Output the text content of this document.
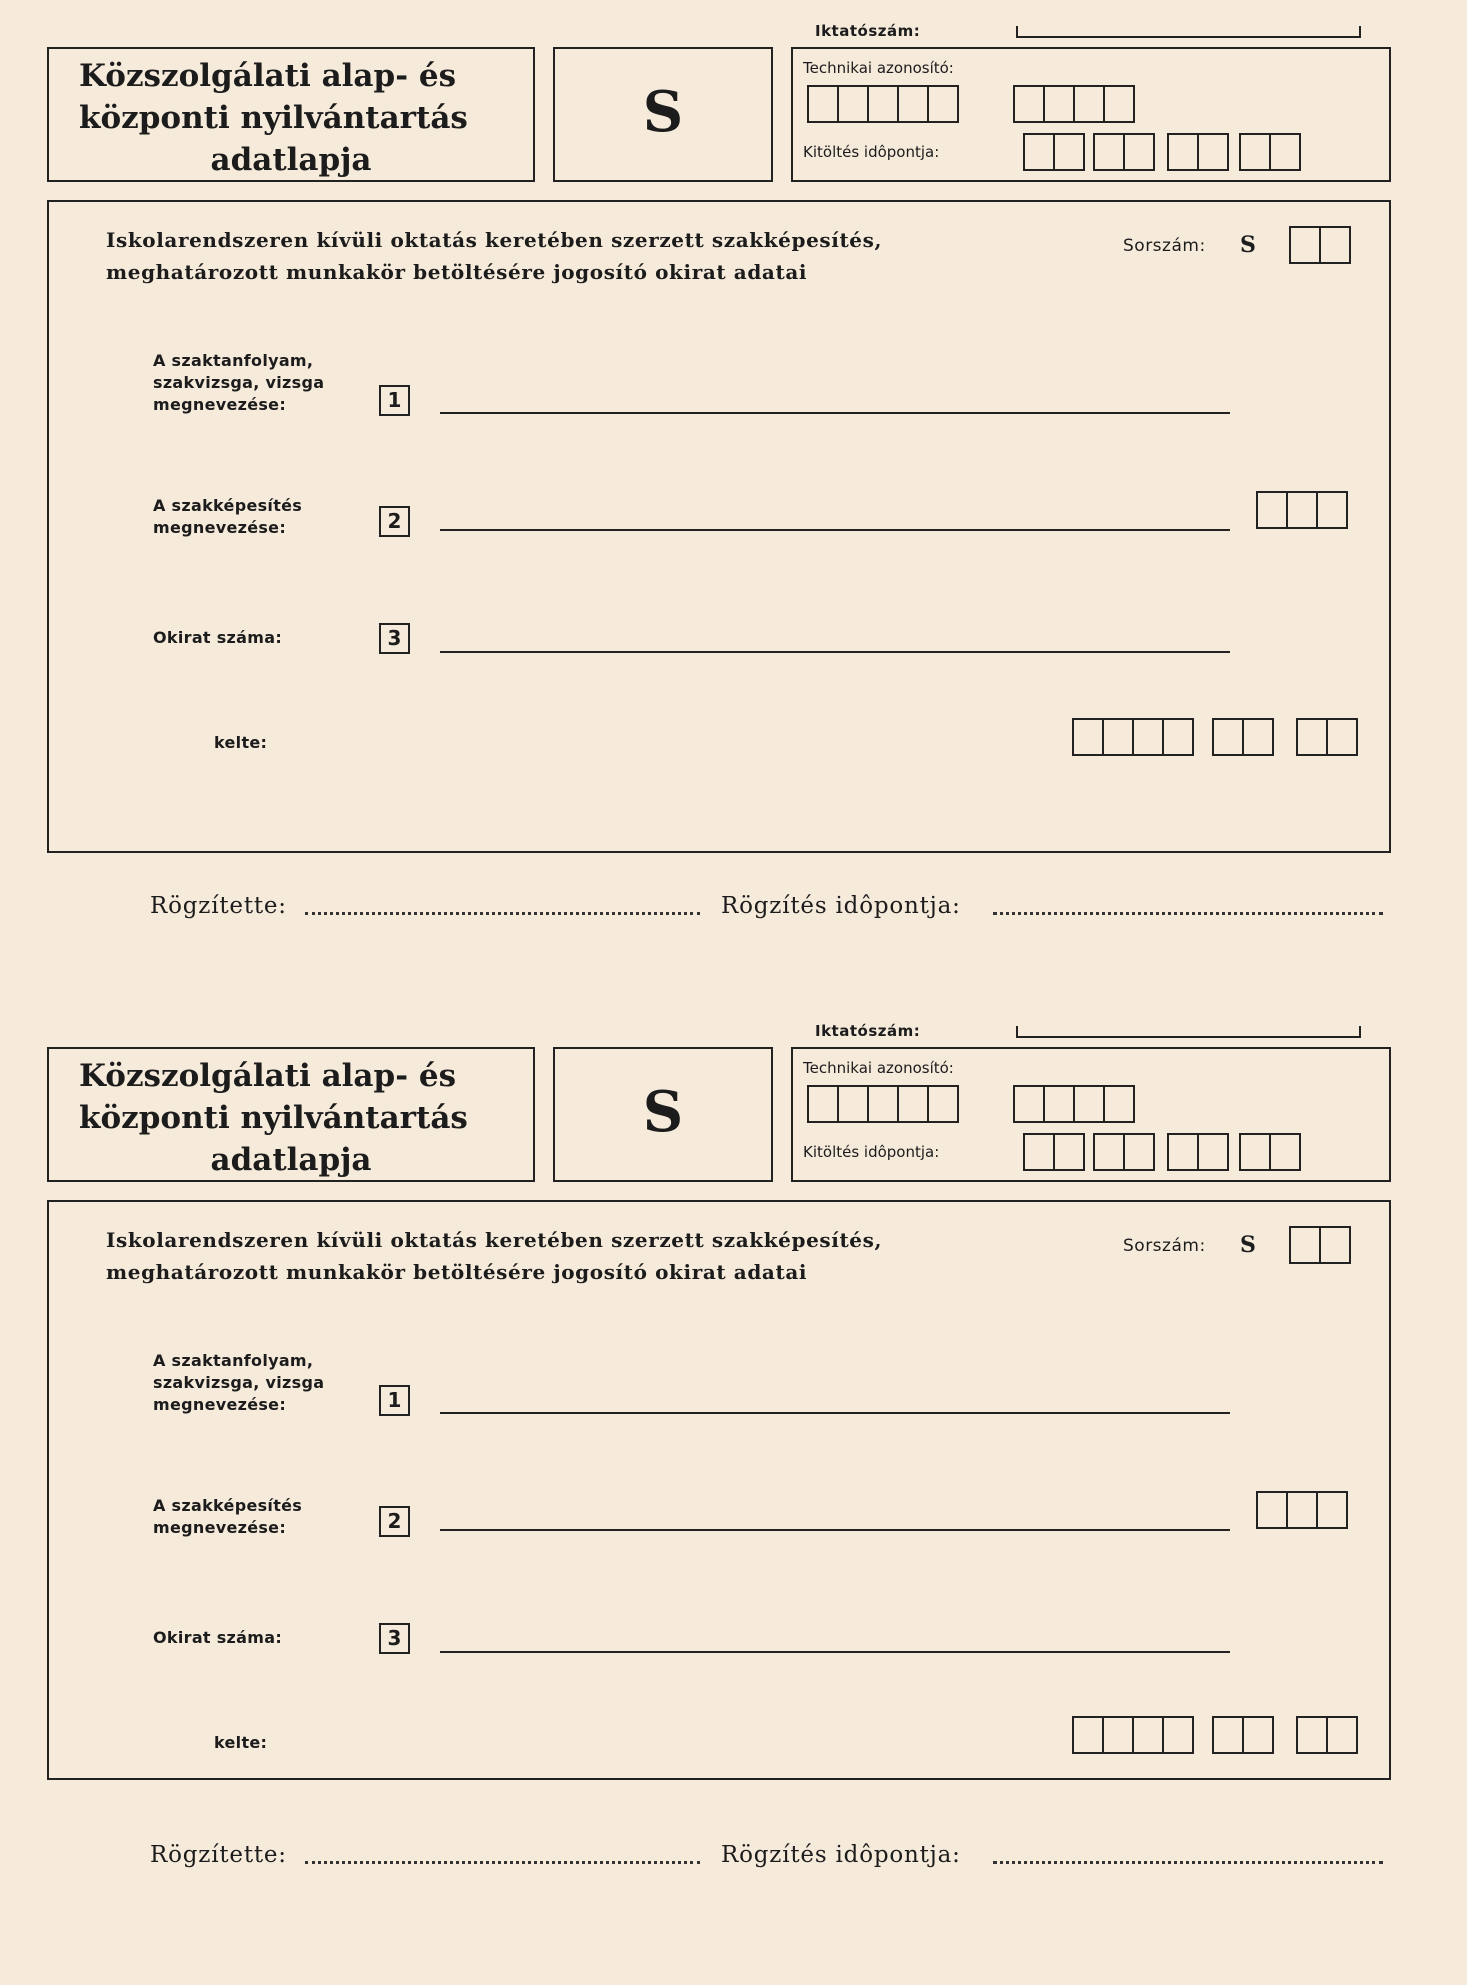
Iktatószám:
Közszolgálati alap- és
központi nyilvántartás
adatlapja
S
Technikai azonosító:
Kitöltés idôpontja:
Iskolarendszeren kívüli oktatás keretében szerzett szakképesítés,
meghatározott munkakör betöltésére jogosító okirat adatai
Sorszám: S
A szaktanfolyam,
szakvizsga, vizsga
megnevezése:	1
A szakképesítés
megnevezése:	2
Okirat száma:	3
kelte:
Rögzítette:	Rögzítés idôpontja:
Iktatószám:
Közszolgálati alap- és
központi nyilvántartás
adatlapja
S
Technikai azonosító:
Kitöltés idôpontja:
Iskolarendszeren kívüli oktatás keretében szerzett szakképesítés,
meghatározott munkakör betöltésére jogosító okirat adatai
Sorszám: S
A szaktanfolyam,
szakvizsga, vizsga
megnevezése:	1
A szakképesítés
megnevezése:	2
Okirat száma:	3
kelte:
Rögzítette:	Rögzítés idôpontja:
